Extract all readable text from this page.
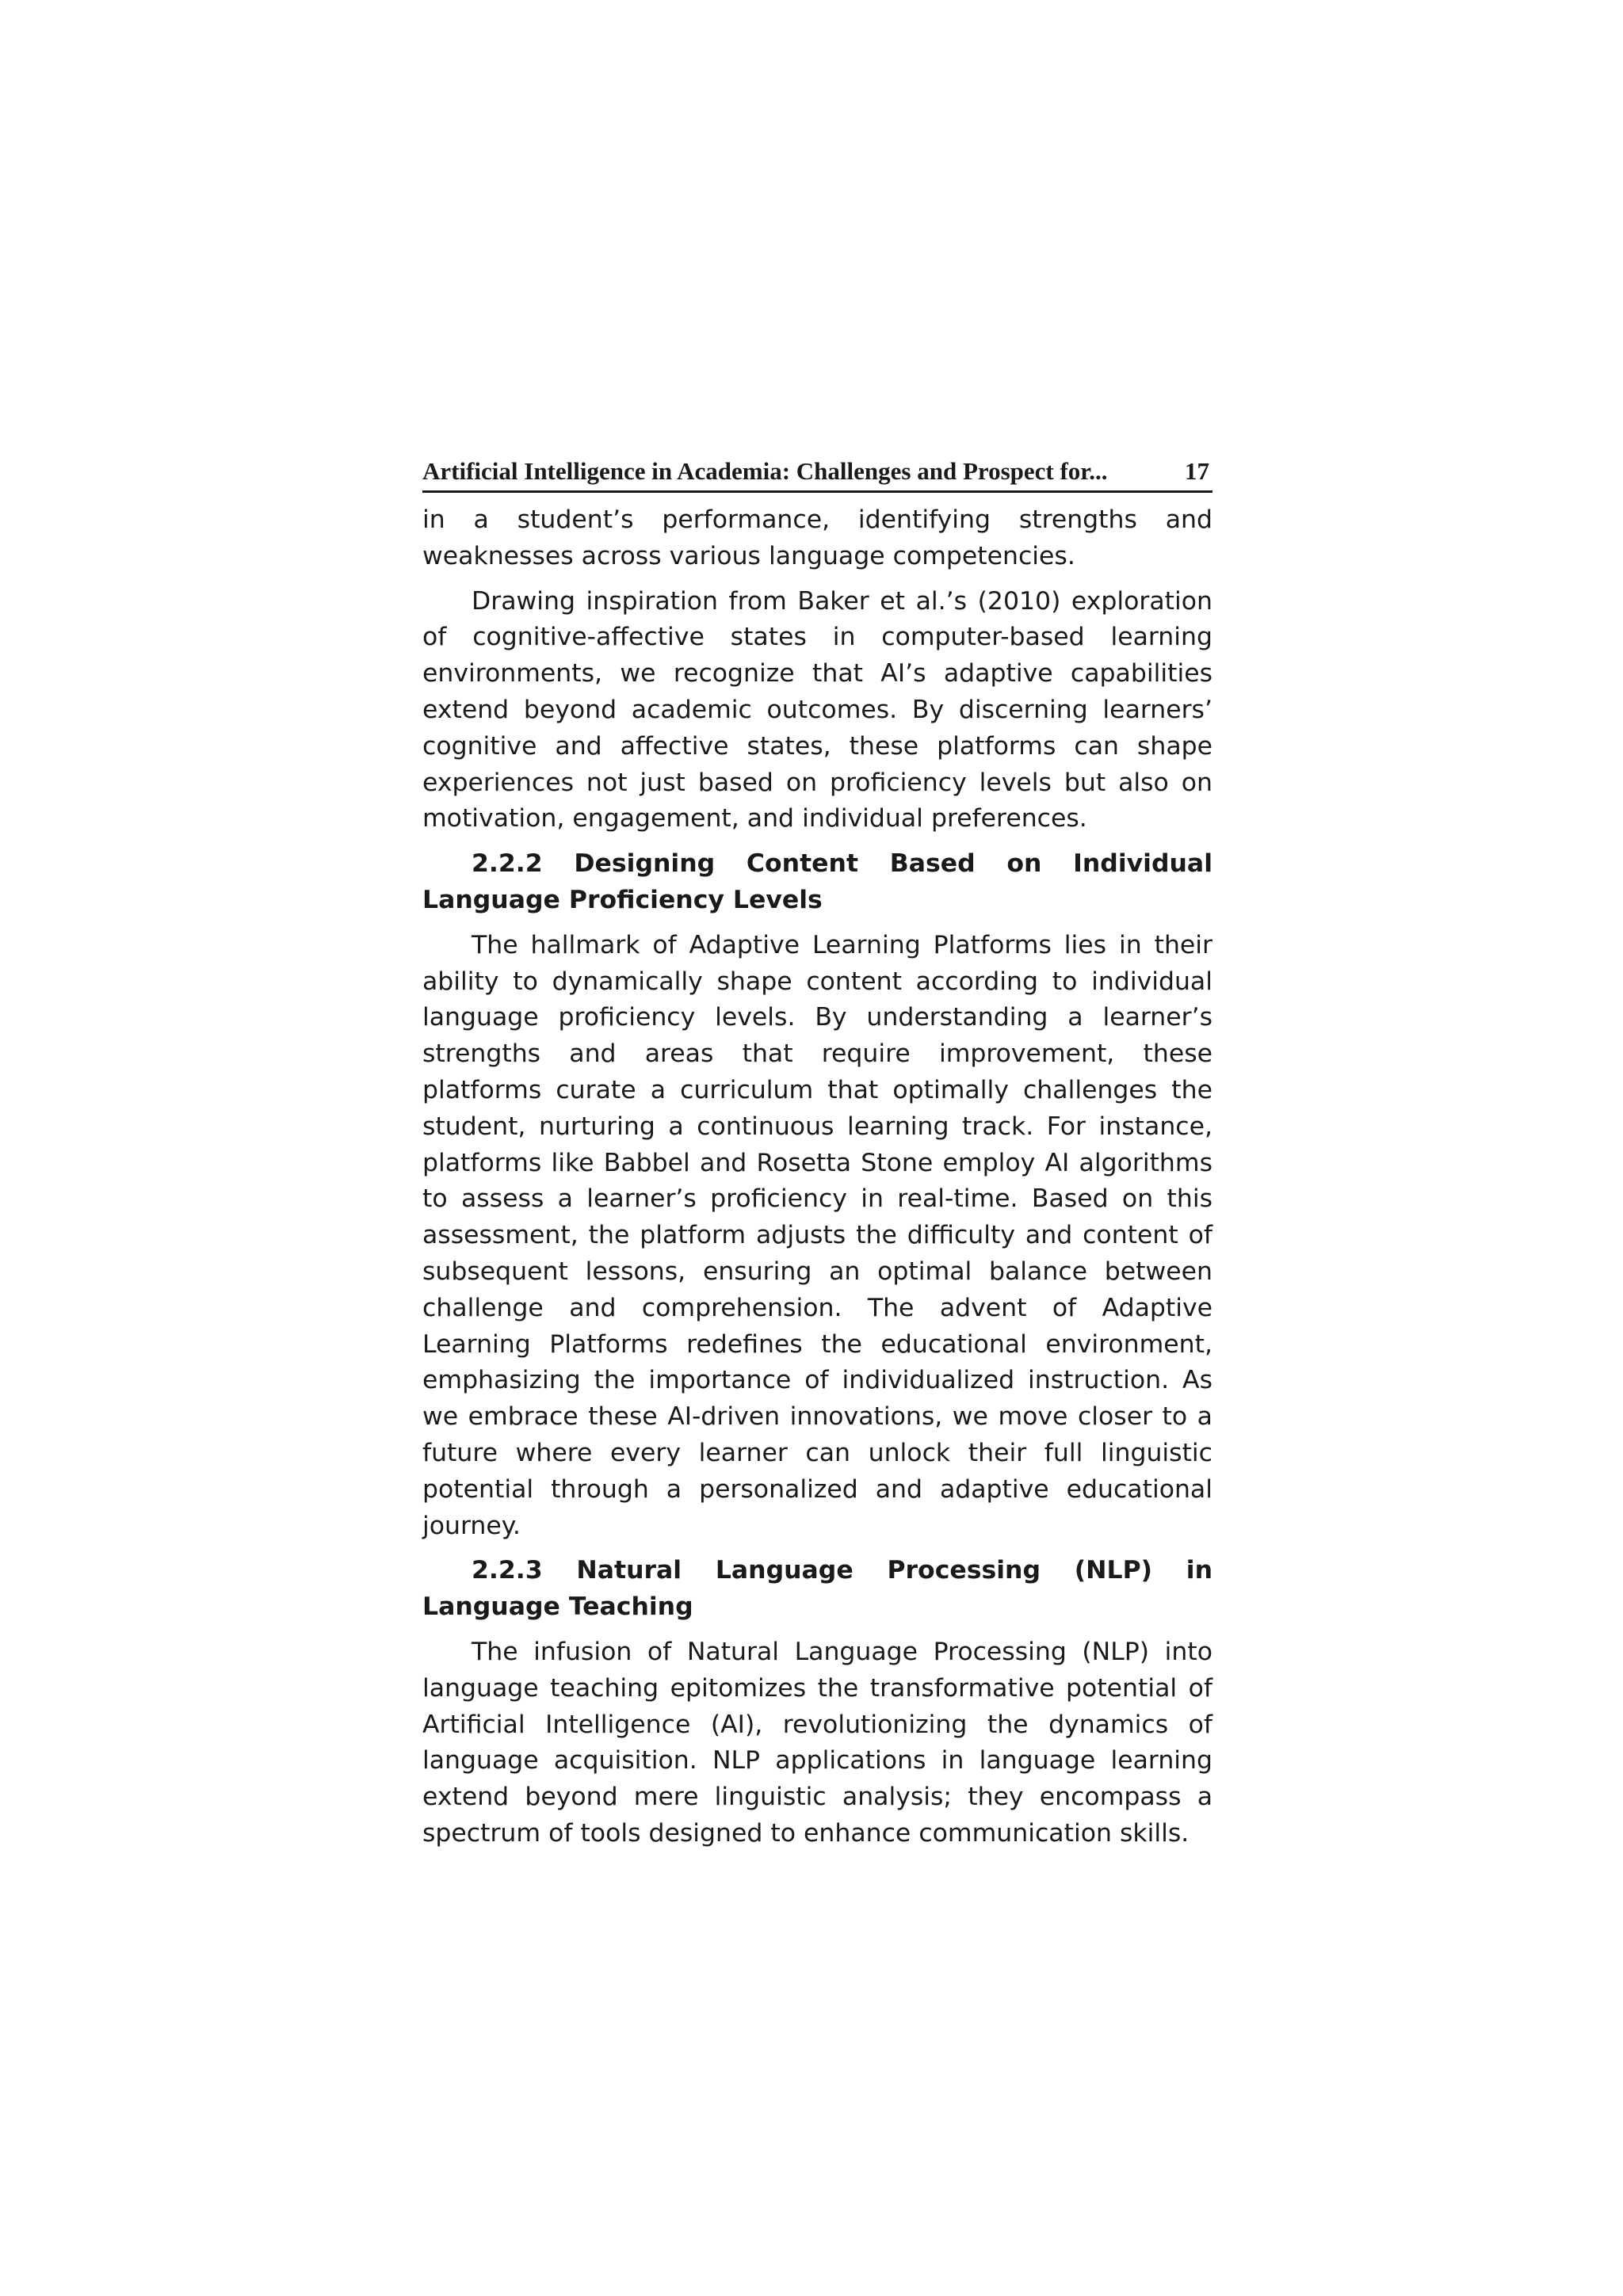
Artificial Intelligence in Academia: Challenges and Prospect for...	17

in a student’s performance, identifying strengths and weaknesses across various language competencies.

Drawing inspiration from Baker et al.’s (2010) exploration of cognitive-affective states in computer-based learning environments, we recognize that AI’s adaptive capabilities extend beyond academic outcomes. By discerning learners’ cognitive and affective states, these platforms can shape experiences not just based on proficiency levels but also on motivation, engagement, and individual preferences.

2.2.2 Designing Content Based on Individual Language Proficiency Levels

The hallmark of Adaptive Learning Platforms lies in their ability to dynamically shape content according to individual language proficiency levels. By understanding a learner’s strengths and areas that require improvement, these platforms curate a curriculum that optimally challenges the student, nurturing a continuous learning track. For instance, platforms like Babbel and Rosetta Stone employ AI algorithms to assess a learner’s proficiency in real-time. Based on this assessment, the platform adjusts the difficulty and content of subsequent lessons, ensuring an optimal balance between challenge and comprehension. The advent of Adaptive Learning Platforms redefines the educational environment, emphasizing the importance of individualized instruction. As we embrace these AI-driven innovations, we move closer to a future where every learner can unlock their full linguistic potential through a personalized and adaptive educational journey.

2.2.3 Natural Language Processing (NLP) in Language Teaching

The infusion of Natural Language Processing (NLP) into language teaching epitomizes the transformative potential of Artificial Intelligence (AI), revolutionizing the dynamics of language acquisition. NLP applications in language learning extend beyond mere linguistic analysis; they encompass a spectrum of tools designed to enhance communication skills.
